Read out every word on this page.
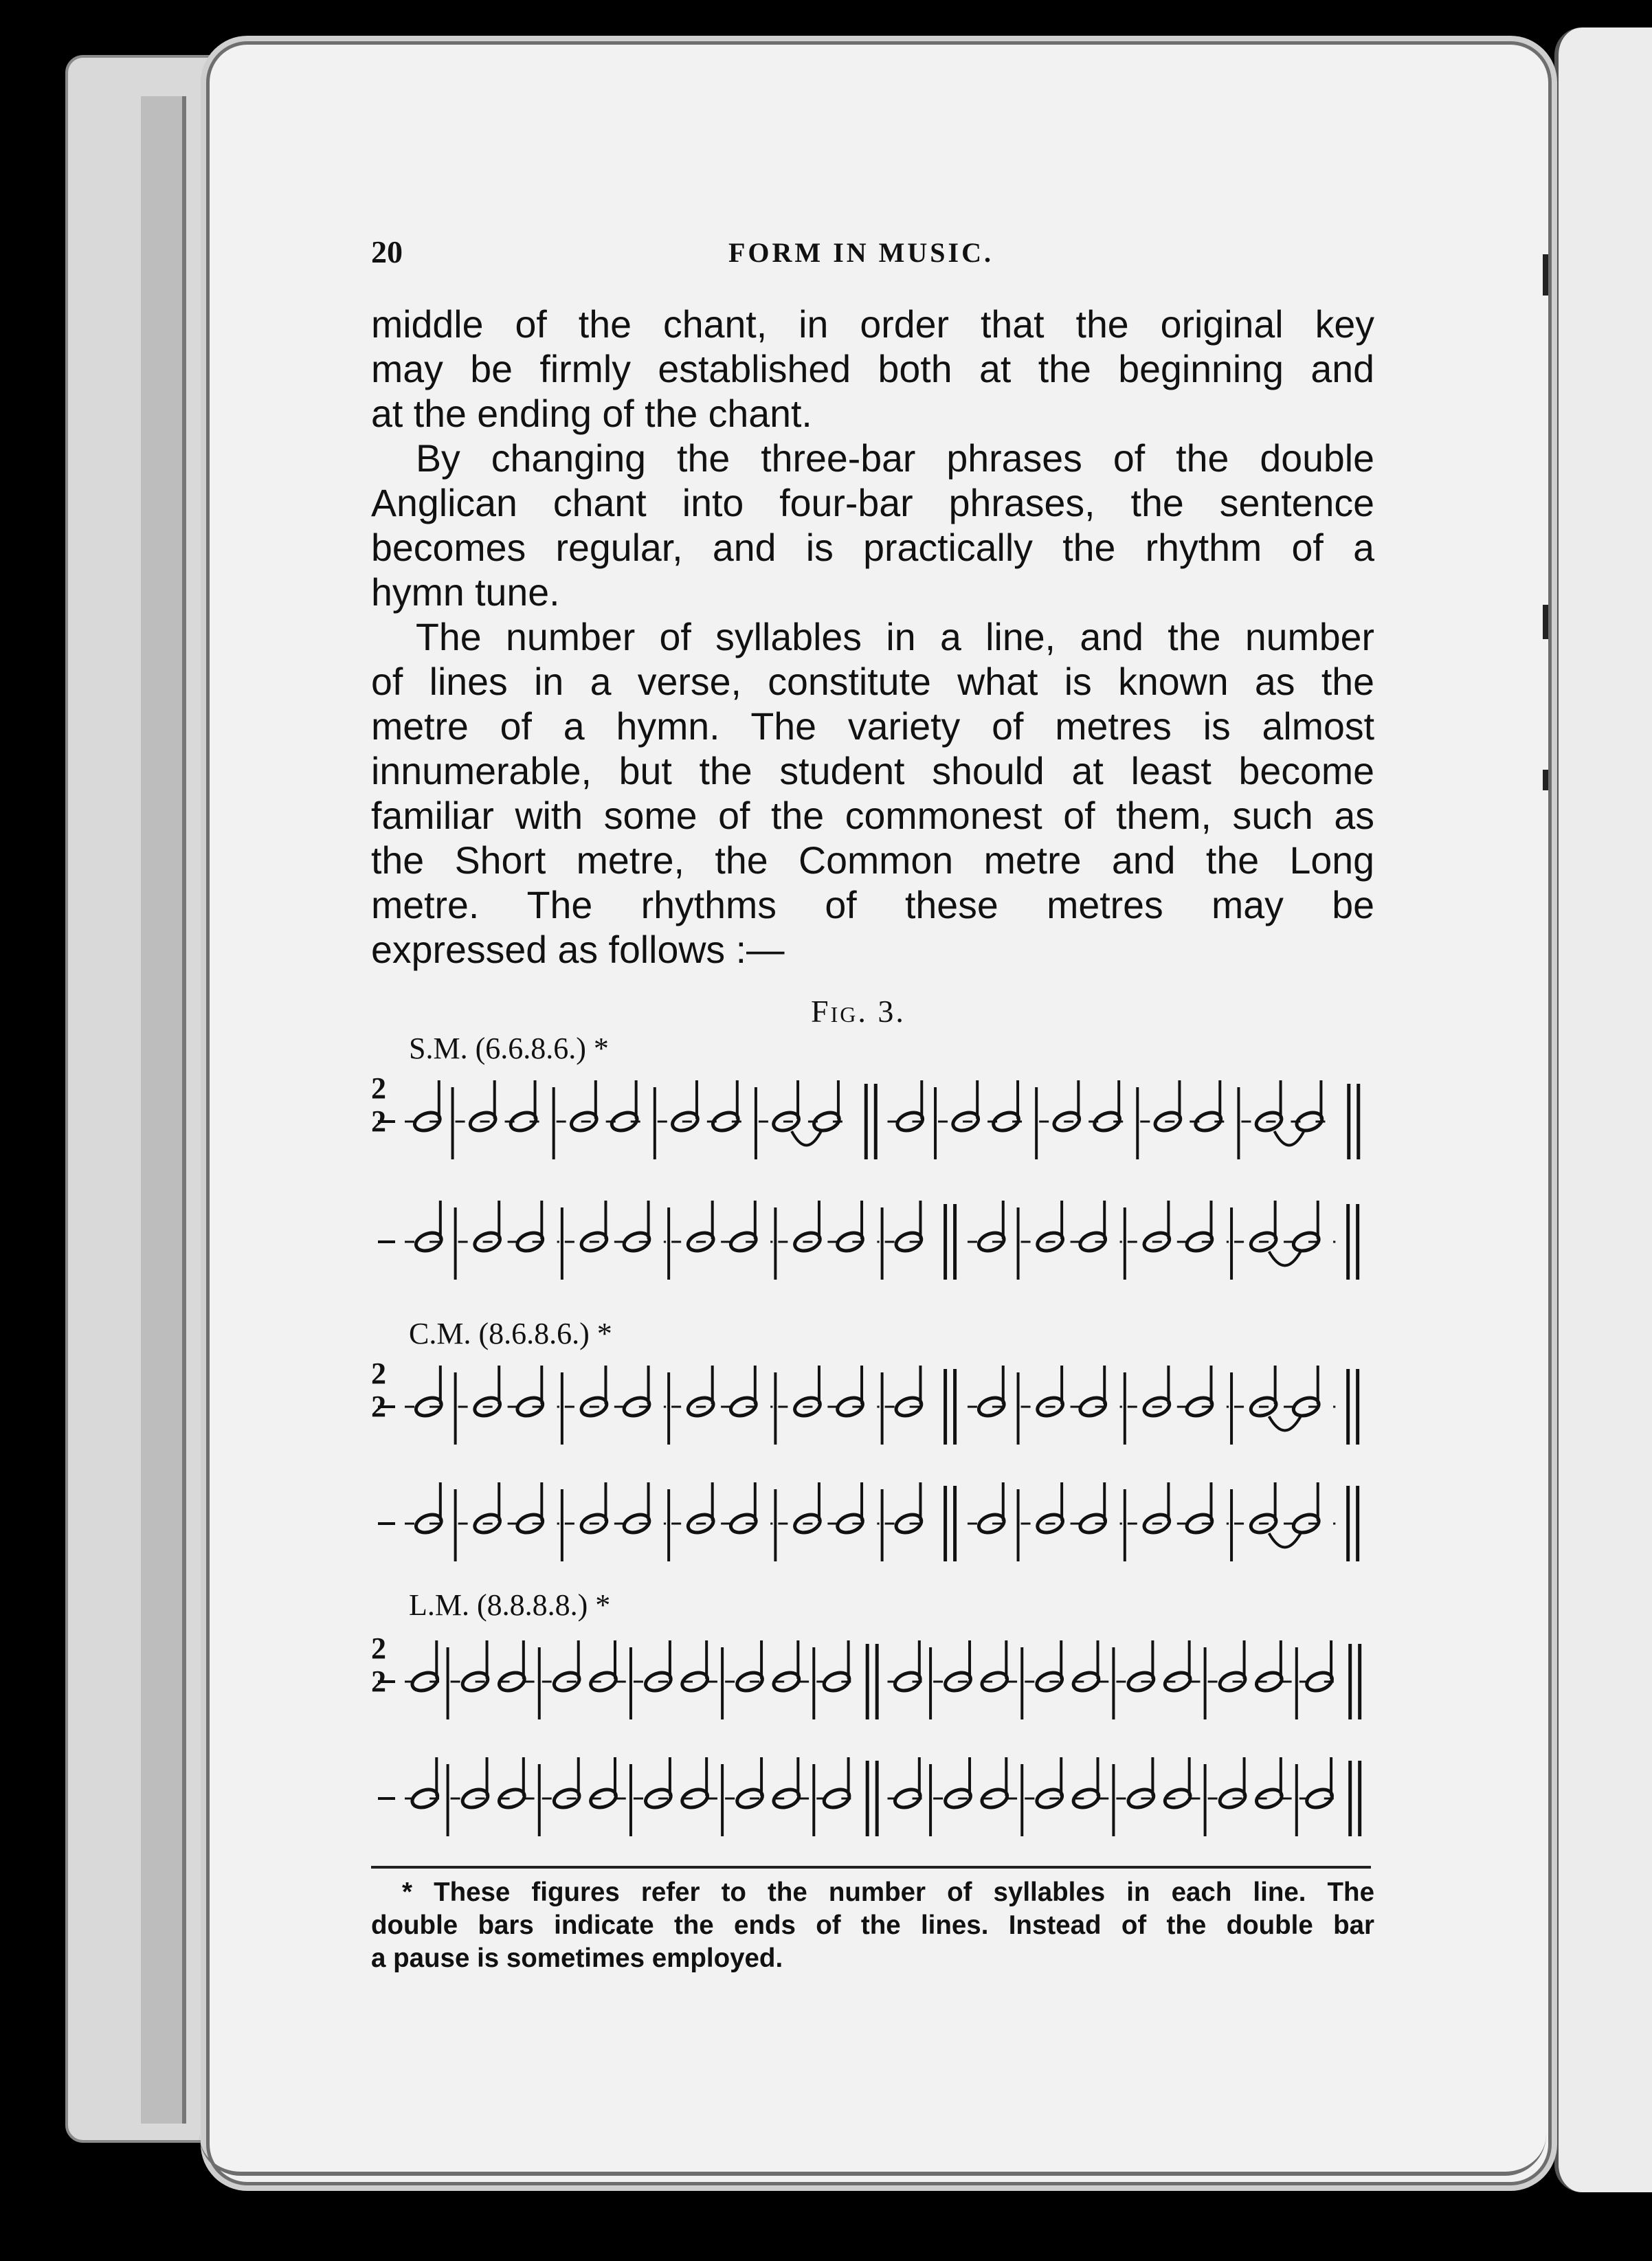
20	FORM IN MUSIC.
middle of the chant, in order that the original key
may be firmly established both at the beginning and
at the ending of the chant.
By changing the three-bar phrases of the double
Anglican chant into four-bar phrases, the sentence
becomes regular, and is practically the rhythm of a
hymn tune.
The number of syllables in a line, and the number
of lines in a verse, constitute what is known as the
metre of a hymn. The variety of metres is almost
innumerable, but the student should at least become
familiar with some of the commonest of them, such as
the Short metre, the Common metre and the Long
metre. The rhythms of these metres may be
expressed as follows :—
Fig. 3.
S.M. (6.6.8.6.) *
2
2
C.M. (8.6.8.6.) *
2
2
L.M. (8.8.8.8.) *
2
2
* These figures refer to the number of syllables in each line. The
double bars indicate the ends of the lines. Instead of the double bar
a pause is sometimes employed.
